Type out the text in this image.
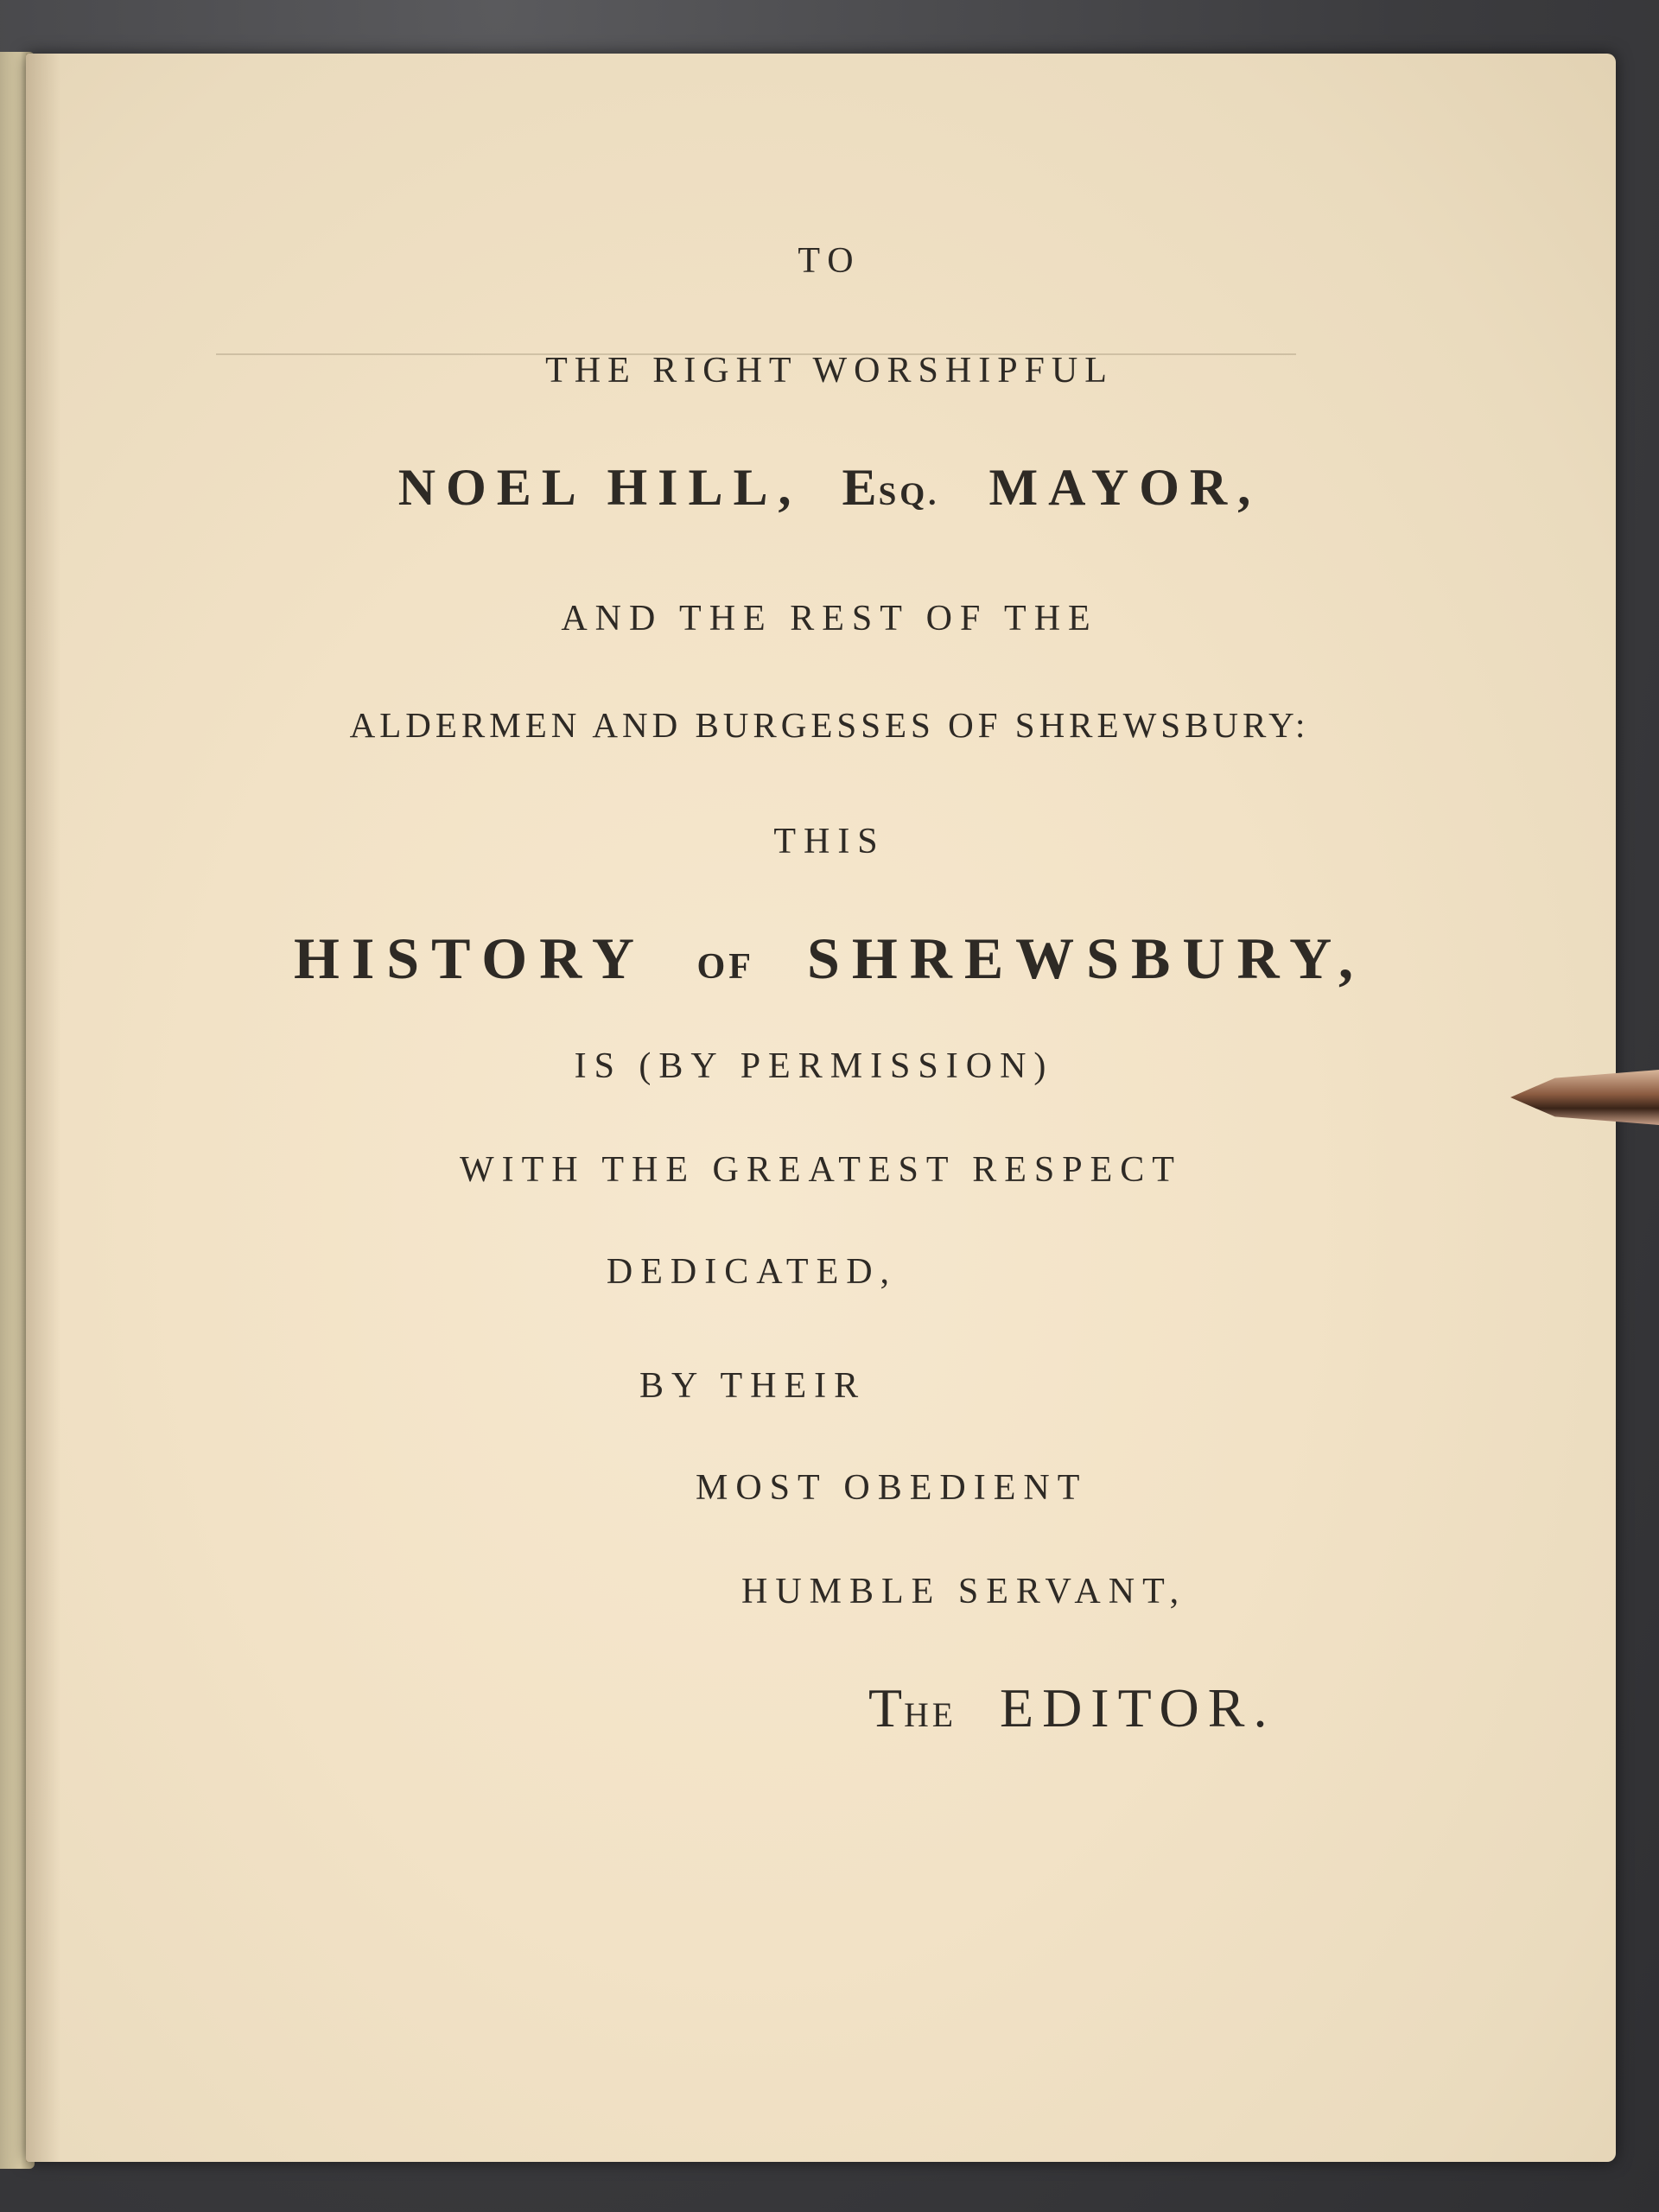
TO
THE RIGHT WORSHIPFUL
NOEL HILL, ESQ. MAYOR,
AND THE REST OF THE
ALDERMEN AND BURGESSES OF SHREWSBURY:
THIS
HISTORY OF SHREWSBURY,
IS (BY PERMISSION)
WITH THE GREATEST RESPECT
DEDICATED,
BY THEIR
MOST OBEDIENT
HUMBLE SERVANT,
THE EDITOR.
